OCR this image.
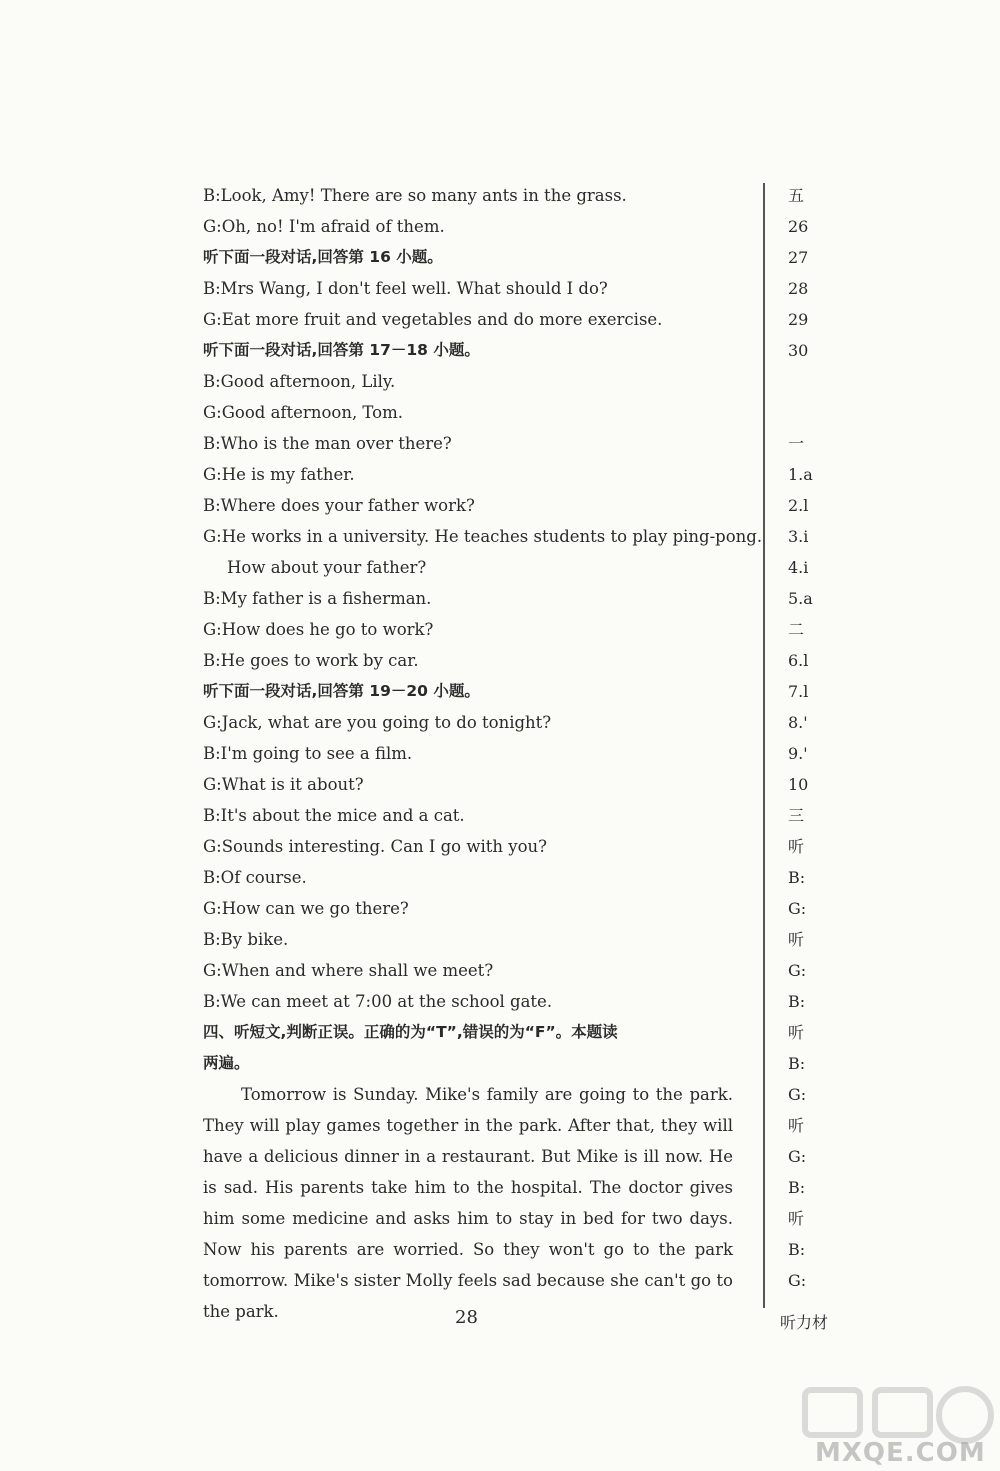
B:Look, Amy! There are so many ants in the grass.
G:Oh, no! I'm afraid of them.
听下面一段对话,回答第 16 小题。
B:Mrs Wang, I don't feel well. What should I do?
G:Eat more fruit and vegetables and do more exercise.
听下面一段对话,回答第 17－18 小题。
B:Good afternoon, Lily.
G:Good afternoon, Tom.
B:Who is the man over there?
G:He is my father.
B:Where does your father work?
G:He works in a university. He teaches students to play ping-pong.
How about your father?
B:My father is a fisherman.
G:How does he go to work?
B:He goes to work by car.
听下面一段对话,回答第 19－20 小题。
G:Jack, what are you going to do tonight?
B:I'm going to see a film.
G:What is it about?
B:It's about the mice and a cat.
G:Sounds interesting. Can I go with you?
B:Of course.
G:How can we go there?
B:By bike.
G:When and where shall we meet?
B:We can meet at 7:00 at the school gate.
四、听短文,判断正误。正确的为“T”,错误的为“F”。本题读
两遍。
Tomorrow is Sunday. Mike's family are going to the park. They will play games together in the park. After that, they will have a delicious dinner in a restaurant. But Mike is ill now. He is sad. His parents take him to the hospital. The doctor gives him some medicine and asks him to stay in bed for two days. Now his parents are worried. So they won't go to the park tomorrow. Mike's sister Molly feels sad because she can't go to the park.
五
26
27
28
29
30
一
1.a
2.l
3.i
4.i
5.a
二
6.l
7.l
8.'
9.'
10
三
听
B:
G:
听
G:
B:
听
B:
G:
听
G:
B:
听
B:
G:
28	听力材
MXQE.COM
